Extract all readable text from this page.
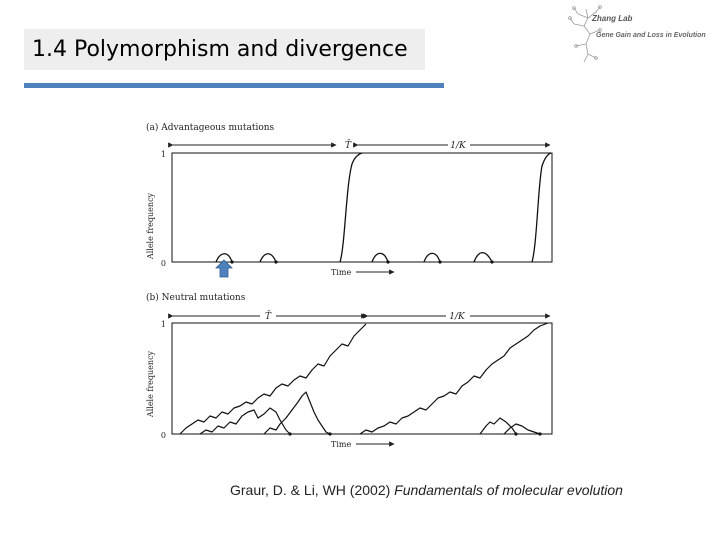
1.4 Polymorphism and divergence
Zhang Lab
Gene Gain and Loss in Evolution
(a) Advantageous mutations
Allele frequency
1
0
T̄	1/K
Time
(b) Neutral mutations
Allele frequency
1
0
T̄	1/K
Time
Graur, D. & Li, WH (2002) Fundamentals of molecular evolution
